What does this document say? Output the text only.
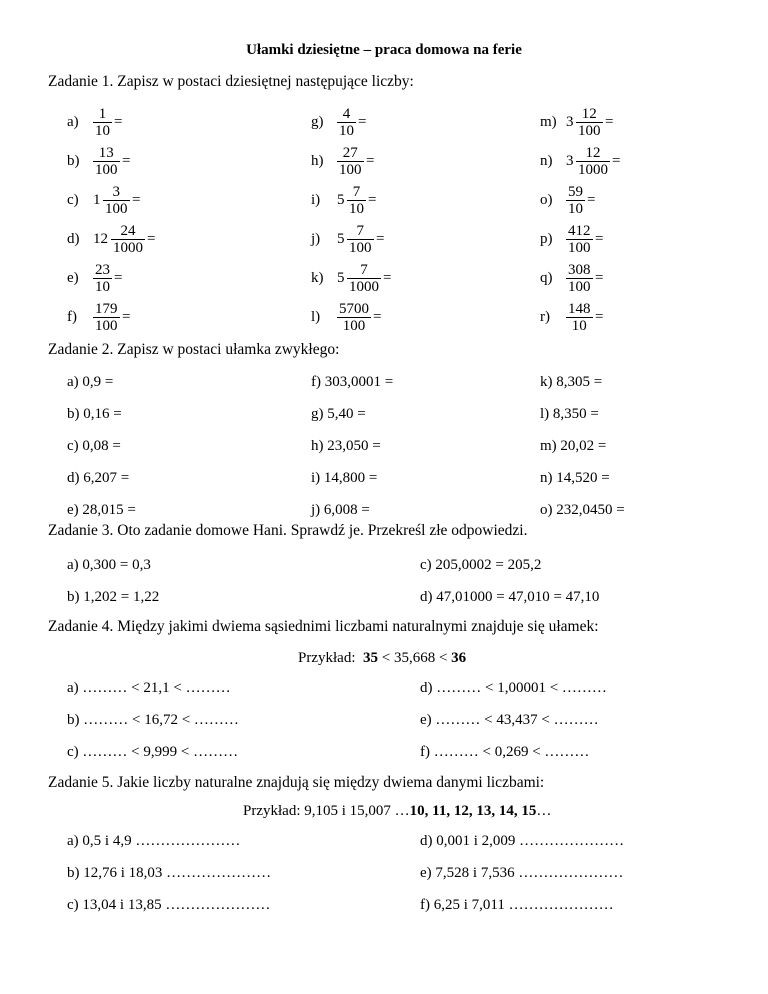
Ułamki dziesiętne – praca domowa na ferie
Zadanie 1. Zapisz w postaci dziesiętnej następujące liczby:
$a) \frac{1}{10}$ =
$b) \frac{13}{100}$ =
c) $1 \frac{3}{100}$ =
d) $12 \frac{24}{1000}$ =
$e) \frac{23}{10}$ =
$f) \frac{179}{100}$ =
$g) \frac{4}{10}$ =
$h) \frac{27}{100}$ =
i) $5 \frac{7}{10}$ =
j) $5 \frac{7}{100}$ =
k) $5 \frac{7}{1000}$ =
$l) \frac{5700}{100}$ =
m) $3 \frac{12}{100}$ =
n) $3 \frac{12}{1000}$ =
$o) \frac{59}{10}$ =
$p) \frac{412}{100}$ =
$q) \frac{308}{100}$ =
$r) \frac{148}{10}$ =
Zadanie 2. Zapisz w postaci ułamka zwykłego:
a) 0,9 =
b) 0,16 =
c) 0,08 =
d) 6,207 =
e) 28,015 =
f) 303,0001 =
g) 5,40 =
h) 23,050 =
i) 14,800 =
j) 6,008 =
k) 8,305 =
l) 8,350 =
m) 20,02 =
n) 14,520 =
o) 232,0450 =
Zadanie 3. Oto zadanie domowe Hani. Sprawdź je. Przekreśl złe odpowiedzi.
a) 0,300 = 0,3
b) 1,202 = 1,22
c) 205,0002 = 205,2
d) 47,01000 = 47,010 = 47,10
Zadanie 4. Między jakimi dwiema sąsiednimi liczbami naturalnymi znajduje się ułamek:
Przykład: 35 < 35,668 < 36
a) ……… < 21,1 < ………
b) ……… < 16,72 < ………
c) ……… < 9,999 < ………
d) ……… < 1,00001 < ………
e) ……… < 43,437 < ………
f) ……… < 0,269 < ………
Zadanie 5. Jakie liczby naturalne znajdują się między dwiema danymi liczbami:
Przykład: 9,105 i 15,007 …10, 11, 12, 13, 14, 15…
a) 0,5 i 4,9 …………………
b) 12,76 i 18,03 …………………
c) 13,04 i 13,85 …………………
d) 0,001 i 2,009 …………………
e) 7,528 i 7,536 …………………
f) 6,25 i 7,011 …………………
